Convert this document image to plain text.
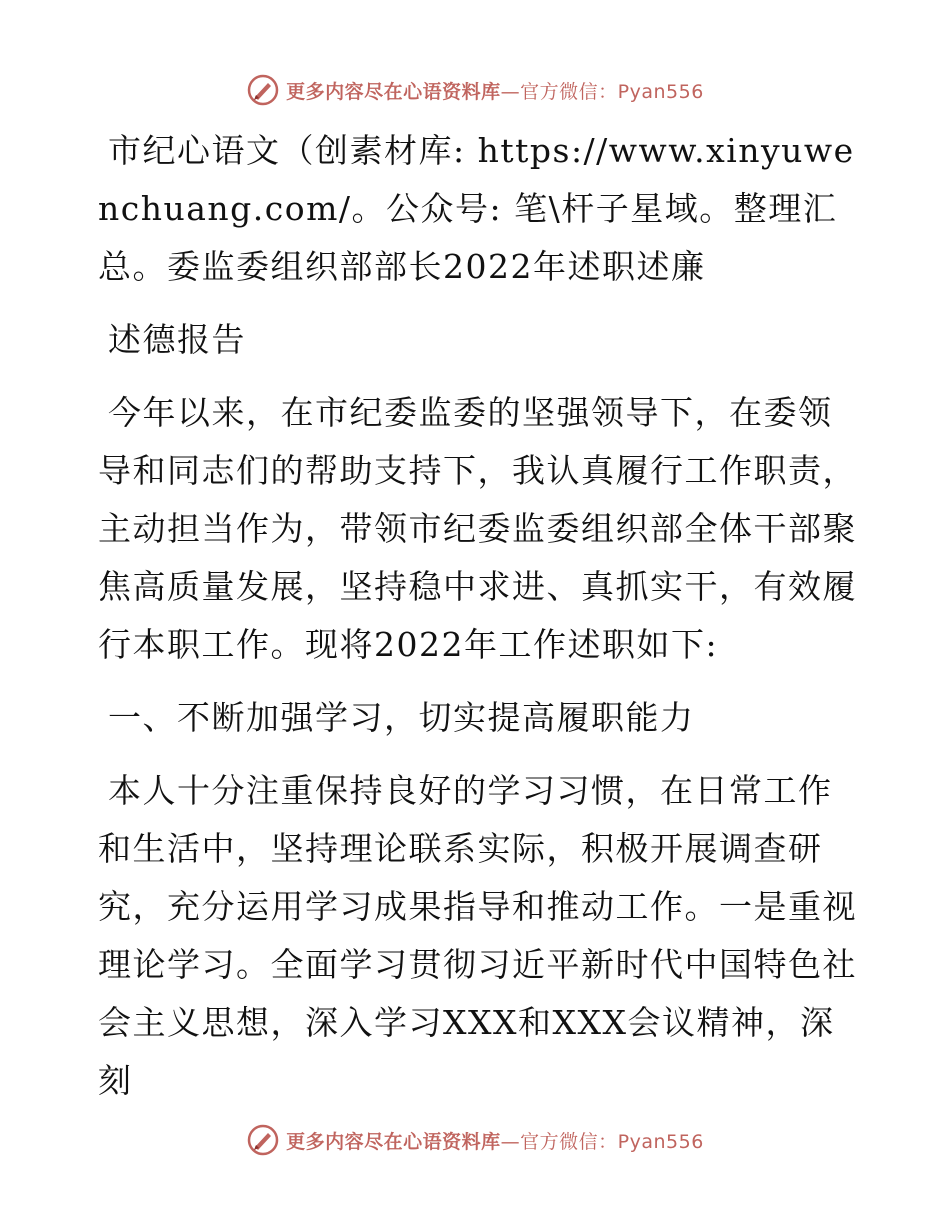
更多内容尽在心语资料库—官方微信：Pyan556

市纪心语文（创素材库: https://www.xinyuwenchuang.com/。公众号: 笔\杆子星域。整理汇总。委监委组织部部长2022年述职述廉

述德报告

今年以来，在市纪委监委的坚强领导下，在委领导和同志们的帮助支持下，我认真履行工作职责，主动担当作为，带领市纪委监委组织部全体干部聚焦高质量发展，坚持稳中求进、真抓实干，有效履行本职工作。现将2022年工作述职如下:

一、不断加强学习，切实提高履职能力

本人十分注重保持良好的学习习惯，在日常工作和生活中，坚持理论联系实际，积极开展调查研究，充分运用学习成果指导和推动工作。一是重视理论学习。全面学习贯彻习近平新时代中国特色社会主义思想，深入学习XXX和XXX会议精神，深刻

更多内容尽在心语资料库—官方微信：Pyan556
